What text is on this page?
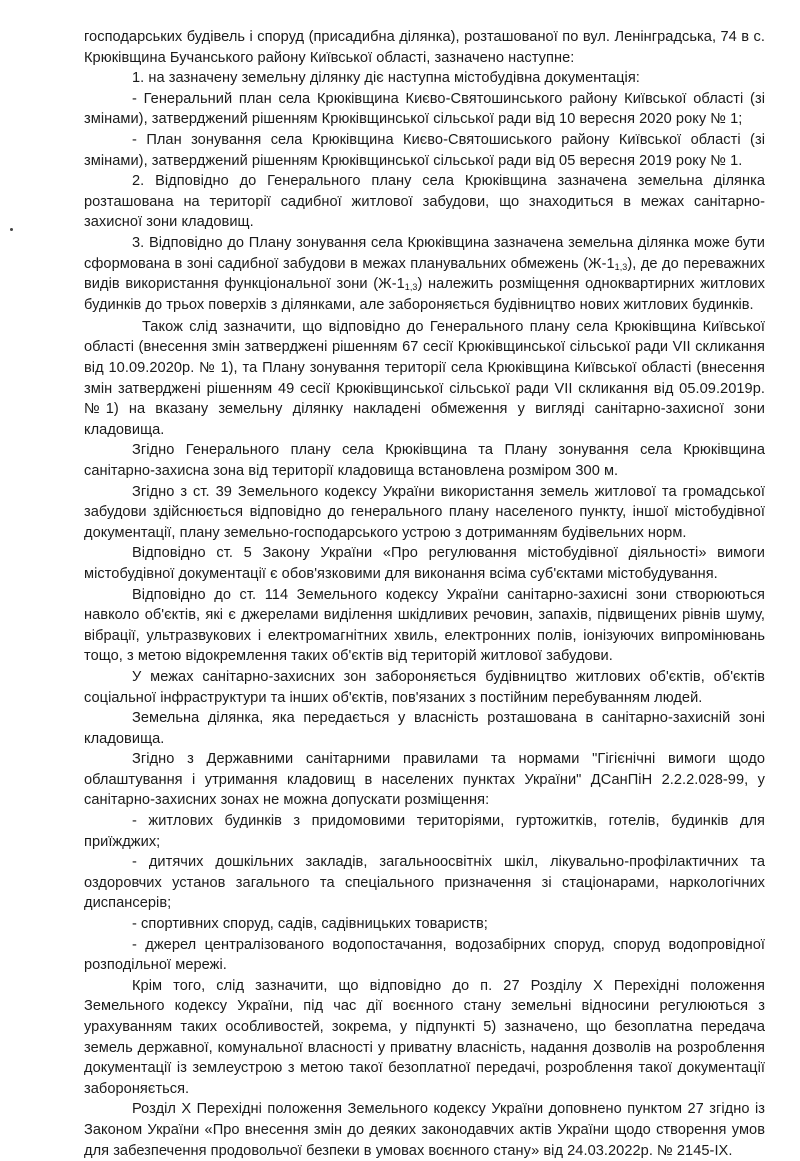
господарських будівель і споруд (присадибна ділянка), розташованої по вул. Ленінградська, 74 в с. Крюківщина Бучанського району Київської області, зазначено наступне:

1. на зазначену земельну ділянку діє наступна містобудівна документація:

- Генеральний план села Крюківщина Києво-Святошинського району Київської області (зі змінами), затверджений рішенням Крюківщинської сільської ради від 10 вересня 2020 року № 1;

- План зонування села Крюківщина Києво-Святошиського району Київської області (зі змінами), затверджений рішенням Крюківщинської сільської ради від 05 вересня 2019 року № 1.

2. Відповідно до Генерального плану села Крюківщина зазначена земельна ділянка розташована на території садибної житлової забудови, що знаходиться в межах санітарно-захисної зони кладовищ.

3. Відповідно до Плану зонування села Крюківщина зазначена земельна ділянка може бути сформована в зоні садибної забудови в межах планувальних обмежень $(Ж-1_{1,3})$, де до переважних видів використання функціональної зони $(Ж-1_{1,3})$ належить розміщення одноквартирних житлових будинків до трьох поверхів з ділянками, але забороняється будівництво нових житлових будинків.

Також слід зазначити, що відповідно до Генерального плану села Крюківщина Київської області (внесення змін затверджені рішенням 67 сесії Крюківщинської сільської ради VII скликання від 10.09.2020р. № 1), та Плану зонування території села Крюківщина Київської області (внесення змін затверджені рішенням 49 сесії Крюківщинської сільської ради VII скликання від 05.09.2019р. №1) на вказану земельну ділянку накладені обмеження у вигляді санітарно-захисної зони кладовища.

Згідно Генерального плану села Крюківщина та Плану зонування села Крюківщина санітарно-захисна зона від території кладовища встановлена розміром 300 м.

Згідно з ст. 39 Земельного кодексу України використання земель житлової та громадської забудови здійснюється відповідно до генерального плану населеного пункту, іншої містобудівної документації, плану земельно-господарського устрою з дотриманням будівельних норм.

Відповідно ст. 5 Закону України «Про регулювання містобудівної діяльності» вимоги містобудівної документації є обов'язковими для виконання всіма суб'єктами містобудування.

Відповідно до ст. 114 Земельного кодексу України санітарно-захисні зони створюються навколо об'єктів, які є джерелами виділення шкідливих речовин, запахів, підвищених рівнів шуму, вібрації, ультразвукових і електромагнітних хвиль, електронних полів, іонізуючих випромінювань тощо, з метою відокремлення таких об'єктів від територій житлової забудови.

У межах санітарно-захисних зон забороняється будівництво житлових об'єктів, об'єктів соціальної інфраструктури та інших об'єктів, пов'язаних з постійним перебуванням людей.

Земельна ділянка, яка передається у власність розташована в санітарно-захисній зоні кладовища.

Згідно з Державними санітарними правилами та нормами "Гігієнічні вимоги щодо облаштування і утримання кладовищ в населених пунктах України" ДСанПіН 2.2.2.028-99, у санітарно-захисних зонах не можна допускати розміщення:

- житлових будинків з придомовими територіями, гуртожитків, готелів, будинків для приїжджих;

- дитячих дошкільних закладів, загальноосвітніх шкіл, лікувально-профілактичних та оздоровчих установ загального та спеціального призначення зі стаціонарами, наркологічних диспансерів;

- спортивних споруд, садів, садівницьких товариств;

- джерел централізованого водопостачання, водозабірних споруд, споруд водопровідної розподільної мережі.

Крім того, слід зазначити, що відповідно до п. 27 Розділу X Перехідні положення Земельного кодексу України, під час дії воєнного стану земельні відносини регулюються з урахуванням таких особливостей, зокрема, у підпункті 5) зазначено, що безоплатна передача земель державної, комунальної власності у приватну власність, надання дозволів на розроблення документації із землеустрою з метою такої безоплатної передачі, розроблення такої документації забороняється.

Розділ X Перехідні положення Земельного кодексу України доповнено пунктом 27 згідно із Законом України «Про внесення змін до деяких законодавчих актів України щодо створення умов для забезпечення продовольчої безпеки в умовах воєнного стану» від 24.03.2022р. № 2145-IX.
